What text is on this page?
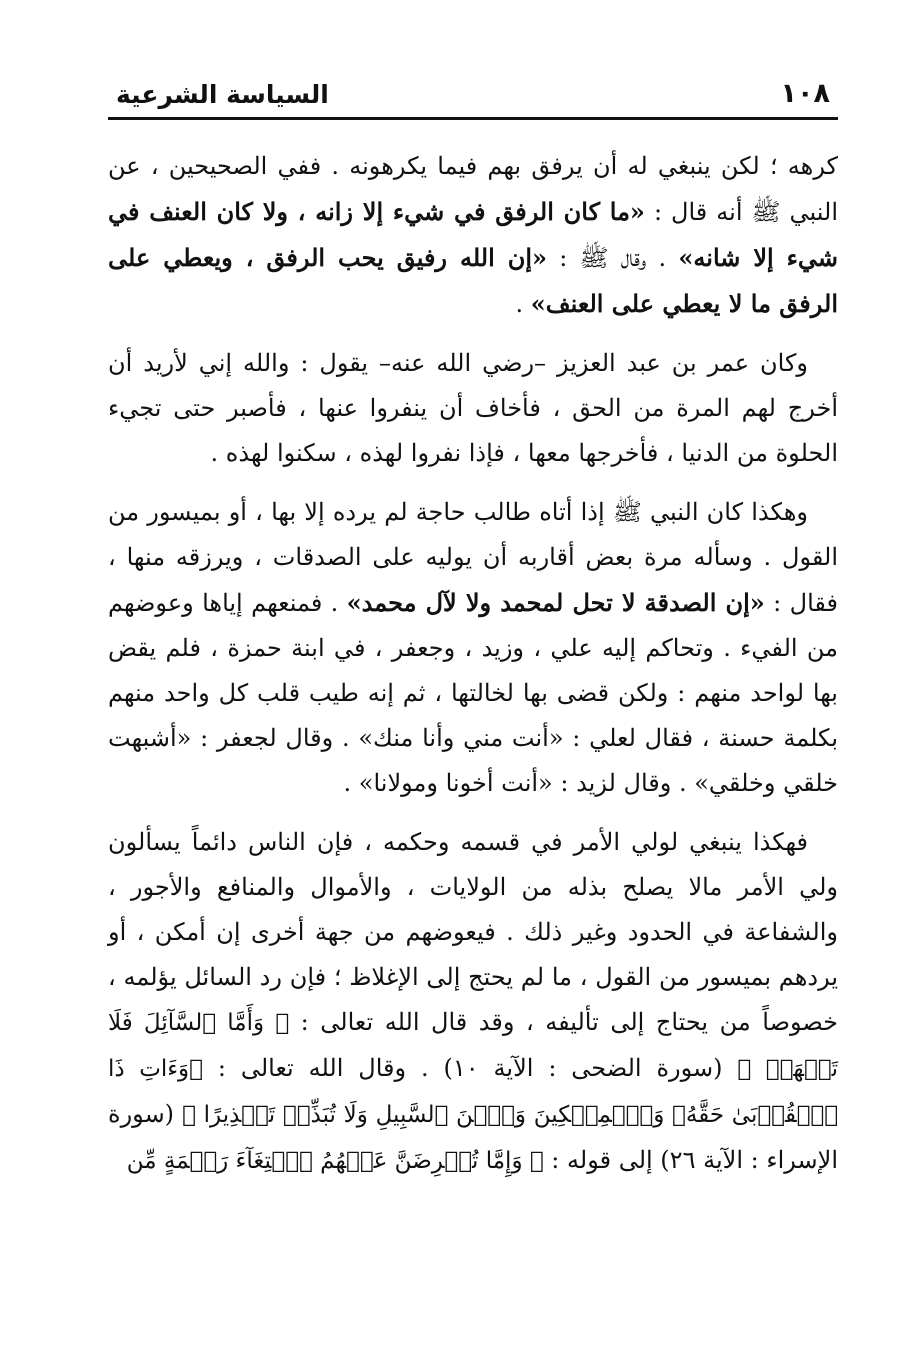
١٠٨
السياسة الشرعية

كرهه ؛ لكن ينبغي له أن يرفق بهم فيما يكرهونه . ففي الصحيحين ، عن النبي ﷺ أنه قال : «ما كان الرفق في شيء إلا زانه ، ولا كان العنف في شيء إلا شانه» . وقال ﷺ : «إن الله رفيق يحب الرفق ، ويعطي على الرفق ما لا يعطي على العنف» .

وكان عمر بن عبد العزيز –رضي الله عنه– يقول : والله إني لأريد أن أخرج لهم المرة من الحق ، فأخاف أن ينفروا عنها ، فأصبر حتى تجيء الحلوة من الدنيا ، فأخرجها معها ، فإذا نفروا لهذه ، سكنوا لهذه .

وهكذا كان النبي ﷺ إذا أتاه طالب حاجة لم يرده إلا بها ، أو بميسور من القول . وسأله مرة بعض أقاربه أن يوليه على الصدقات ، ويرزقه منها ، فقال : «إن الصدقة لا تحل لمحمد ولا لآل محمد» . فمنعهم إياها وعوضهم من الفيء . وتحاكم إليه علي ، وزيد ، وجعفر ، في ابنة حمزة ، فلم يقض بها لواحد منهم : ولكن قضى بها لخالتها ، ثم إنه طيب قلب كل واحد منهم بكلمة حسنة ، فقال لعلي : «أنت مني وأنا منك» . وقال لجعفر : «أشبهت خلقي وخلقي» . وقال لزيد : «أنت أخونا ومولانا» .

فهكذا ينبغي لولي الأمر في قسمه وحكمه ، فإن الناس دائماً يسألون ولي الأمر مالا يصلح بذله من الولايات ، والأموال والمنافع والأجور ، والشفاعة في الحدود وغير ذلك . فيعوضهم من جهة أخرى إن أمكن ، أو يردهم بميسور من القول ، ما لم يحتج إلى الإغلاظ ؛ فإن رد السائل يؤلمه ، خصوصاً من يحتاج إلى تأليفه ، وقد قال الله تعالى : ﴿ وَأَمَّا ٱلسَّآئِلَ فَلَا تَنۡهَرۡ ﴾ (سورة الضحى : الآية ١٠) . وقال الله تعالى : ﴿وَءَاتِ ذَا ٱلۡقُرۡبَىٰ حَقَّهُۥ وَٱلۡمِسۡكِينَ وَٱبۡنَ ٱلسَّبِيلِ وَلَا تُبَذِّرۡ تَبۡذِيرًا ﴾ (سورة الإسراء : الآية ٢٦) إلى قوله : ﴿ وَإِمَّا تُعۡرِضَنَّ عَنۡهُمُ ٱبۡتِغَآءَ رَحۡمَةٍ مِّن
